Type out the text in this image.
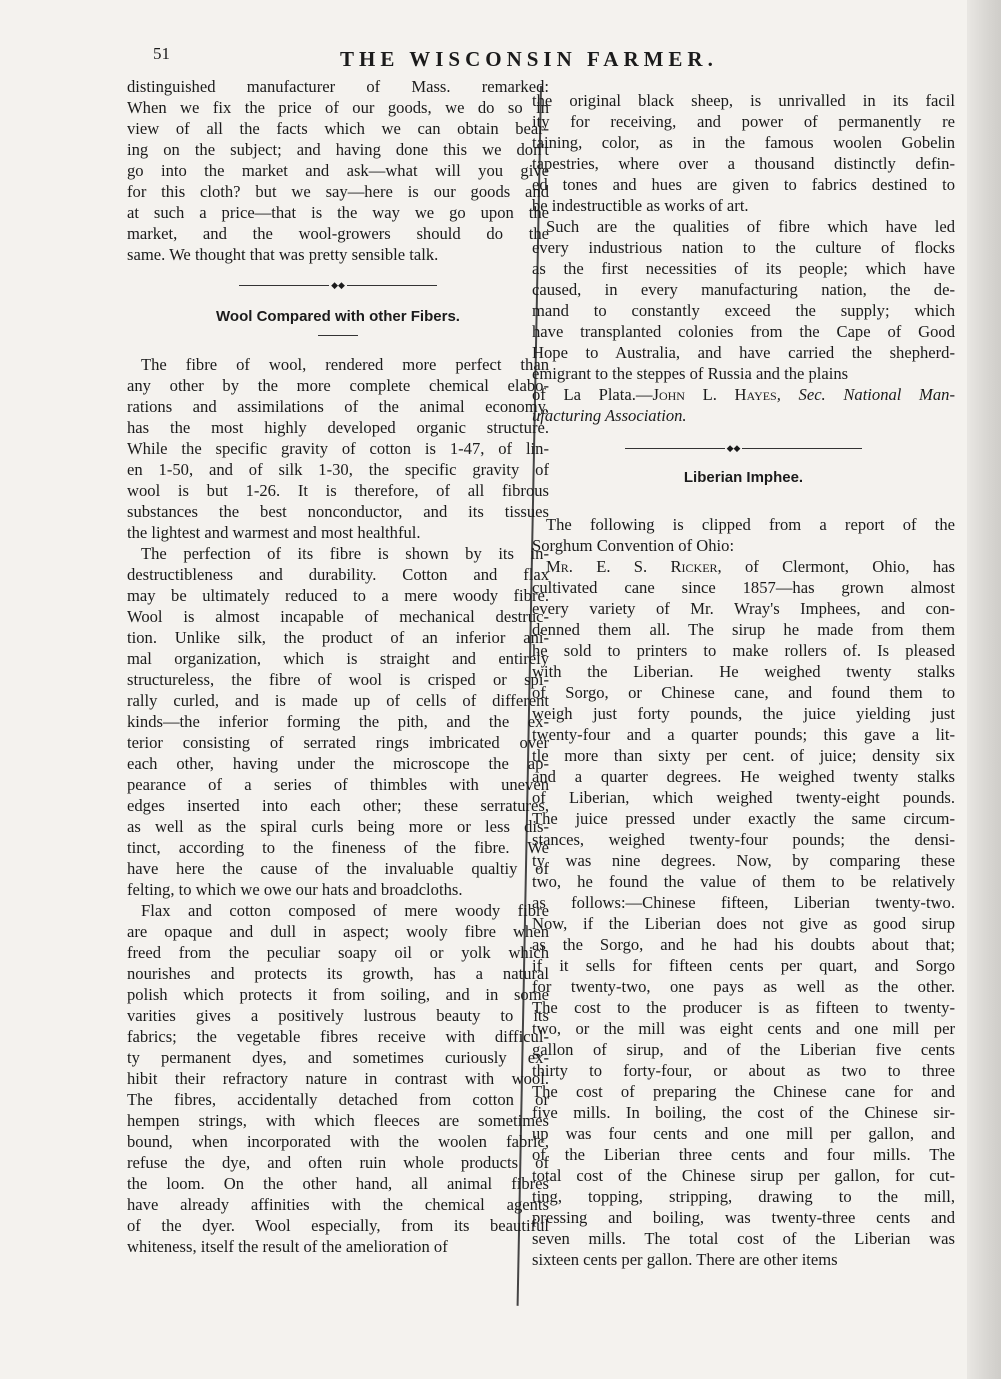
51	THE WISCONSIN FARMER.
distinguished manufacturer of Mass. remarked:
When we fix the price of our goods, we do so in
view of all the facts which we can obtain bear-
ing on the subject; and having done this we don't
go into the market and ask—what will you give
for this cloth? but we say—here is our goods and
at such a price—that is the way we go upon the
market, and the wool-growers should do the
same. We thought that was pretty sensible talk.
◆◆
Wool Compared with other Fibers.
The fibre of wool, rendered more perfect than
any other by the more complete chemical elabo-
rations and assimilations of the animal economy,
has the most highly developed organic structure.
While the specific gravity of cotton is 1-47, of lin-
en 1-50, and of silk 1-30, the specific gravity of
wool is but 1-26. It is therefore, of all fibrous
substances the best nonconductor, and its tissues
the lightest and warmest and most healthful.
The perfection of its fibre is shown by its in-
destructibleness and durability. Cotton and flax
may be ultimately reduced to a mere woody fibre.
Wool is almost incapable of mechanical destruc-
tion. Unlike silk, the product of an inferior ani-
mal organization, which is straight and entirely
structureless, the fibre of wool is crisped or spi-
rally curled, and is made up of cells of different
kinds—the inferior forming the pith, and the ex-
terior consisting of serrated rings imbricated over
each other, having under the microscope the ap-
pearance of a series of thimbles with uneven
edges inserted into each other; these serratures,
as well as the spiral curls being more or less dis-
tinct, according to the fineness of the fibre. We
have here the cause of the invaluable qualtiy of
felting, to which we owe our hats and broadcloths.
Flax and cotton composed of mere woody fibre
are opaque and dull in aspect; wooly fibre when
freed from the peculiar soapy oil or yolk which
nourishes and protects its growth, has a natural
polish which protects it from soiling, and in some
varities gives a positively lustrous beauty to its
fabrics; the vegetable fibres receive with difficul-
ty permanent dyes, and sometimes curiously ex-
hibit their refractory nature in contrast with wool.
The fibres, accidentally detached from cotton or
hempen strings, with which fleeces are sometimes
bound, when incorporated with the woolen fabric,
refuse the dye, and often ruin whole products of
the loom. On the other hand, all animal fibres
have already affinities with the chemical agents
of the dyer. Wool especially, from its beautiful
whiteness, itself the result of the amelioration of
the original black sheep, is unrivalled in its facil
ity for receiving, and power of permanently re
taining, color, as in the famous woolen Gobelin
tapestries, where over a thousand distinctly defin-
ed tones and hues are given to fabrics destined to
be indestructible as works of art.
Such are the qualities of fibre which have led
every industrious nation to the culture of flocks
as the first necessities of its people; which have
caused, in every manufacturing nation, the de-
mand to constantly exceed the supply; which
have transplanted colonies from the Cape of Good
Hope to Australia, and have carried the shepherd-
emigrant to the steppes of Russia and the plains
of La Plata.—John L. Hayes, Sec. National Man-
ufacturing Association.
◆◆
Liberian Imphee.
The following is clipped from a report of the
Sorghum Convention of Ohio:
Mr. E. S. Ricker, of Clermont, Ohio, has
cultivated cane since 1857—has grown almost
every variety of Mr. Wray's Imphees, and con-
denned them all. The sirup he made from them
he sold to printers to make rollers of. Is pleased
with the Liberian. He weighed twenty stalks
of Sorgo, or Chinese cane, and found them to
weigh just forty pounds, the juice yielding just
twenty-four and a quarter pounds; this gave a lit-
tle more than sixty per cent. of juice; density six
and a quarter degrees. He weighed twenty stalks
of Liberian, which weighed twenty-eight pounds.
The juice pressed under exactly the same circum-
stances, weighed twenty-four pounds; the densi-
ty was nine degrees. Now, by comparing these
two, he found the value of them to be relatively
as follows:—Chinese fifteen, Liberian twenty-two.
Now, if the Liberian does not give as good sirup
as the Sorgo, and he had his doubts about that;
if it sells for fifteen cents per quart, and Sorgo
for twenty-two, one pays as well as the other.
The cost to the producer is as fifteen to twenty-
two, or the mill was eight cents and one mill per
gallon of sirup, and of the Liberian five cents
thirty to forty-four, or about as two to three
The cost of preparing the Chinese cane for and
five mills. In boiling, the cost of the Chinese sir-
up was four cents and one mill per gallon, and
of the Liberian three cents and four mills. The
total cost of the Chinese sirup per gallon, for cut-
ting, topping, stripping, drawing to the mill,
pressing and boiling, was twenty-three cents and
seven mills. The total cost of the Liberian was
sixteen cents per gallon. There are other items
